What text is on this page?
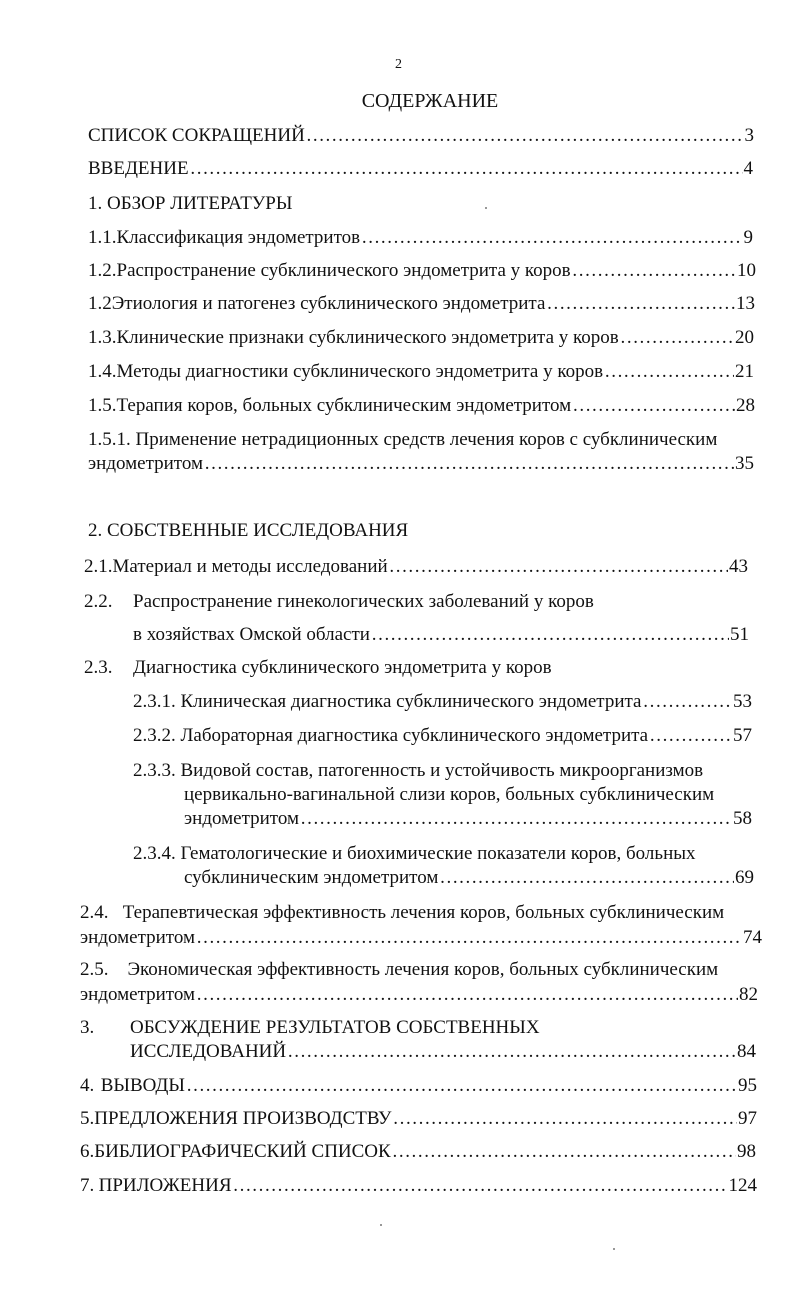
2
СОДЕРЖАНИЕ
СПИСОК СОКРАЩЕНИЙ …………………………………………………………………………………………………………………………………………………………………………………………	3
ВВЕДЕНИЕ …………………………………………………………………………………………………………………………………………………………………………………………	4
1. ОБЗОР ЛИТЕРАТУРЫ
1.1. Классификация эндометритов …………………………………………………………………………………………………………………………………………………………………………………………	9
1.2. Распространение субклинического эндометрита у коров …………………………………………………………………………………………………………………………………………………………………………………………	10
1.2 Этиология и патогенез субклинического эндометрита …………………………………………………………………………………………………………………………………………………………………………………………	13
1.3. Клинические признаки субклинического эндометрита у коров …………………………………………………………………………………………………………………………………………………………………………………………	20
1.4. Методы диагностики субклинического эндометрита у коров …………………………………………………………………………………………………………………………………………………………………………………………	21
1.5. Терапия коров, больных субклиническим эндометритом …………………………………………………………………………………………………………………………………………………………………………………………	28
1.5.1. Применение нетрадиционных средств лечения коров с субклиническим
эндометритом …………………………………………………………………………………………………………………………………………………………………………………………	35
2. СОБСТВЕННЫЕ ИССЛЕДОВАНИЯ
2.1. Материал и методы исследований …………………………………………………………………………………………………………………………………………………………………………………………	43
2.2. Распространение гинекологических заболеваний у коров
в хозяйствах Омской области …………………………………………………………………………………………………………………………………………………………………………………………	51
2.3. Диагностика субклинического эндометрита у коров
2.3.1. Клиническая диагностика субклинического эндометрита …………………………………………………………………………………………………………………………………………………………………………………………	53
2.3.2. Лабораторная диагностика субклинического эндометрита …………………………………………………………………………………………………………………………………………………………………………………………	57
2.3.3. Видовой состав, патогенность и устойчивость микроорганизмов
цервикально-вагинальной слизи коров, больных субклиническим
эндометритом …………………………………………………………………………………………………………………………………………………………………………………………	58
2.3.4. Гематологические и биохимические показатели коров, больных
субклиническим эндометритом …………………………………………………………………………………………………………………………………………………………………………………………	69
2.4.   Терапевтическая эффективность лечения коров, больных субклиническим
эндометритом …………………………………………………………………………………………………………………………………………………………………………………………	74
2.5.    Экономическая эффективность лечения коров, больных субклиническим
эндометритом …………………………………………………………………………………………………………………………………………………………………………………………	82
3. ОБСУЖДЕНИЕ РЕЗУЛЬТАТОВ СОБСТВЕННЫХ
ИССЛЕДОВАНИЙ …………………………………………………………………………………………………………………………………………………………………………………………	84
4. ВЫВОДЫ …………………………………………………………………………………………………………………………………………………………………………………………	95
5. ПРЕДЛОЖЕНИЯ ПРОИЗВОДСТВУ …………………………………………………………………………………………………………………………………………………………………………………………	97
6. БИБЛИОГРАФИЧЕСКИЙ СПИСОК …………………………………………………………………………………………………………………………………………………………………………………………	98
7. ПРИЛОЖЕНИЯ …………………………………………………………………………………………………………………………………………………………………………………………	124
